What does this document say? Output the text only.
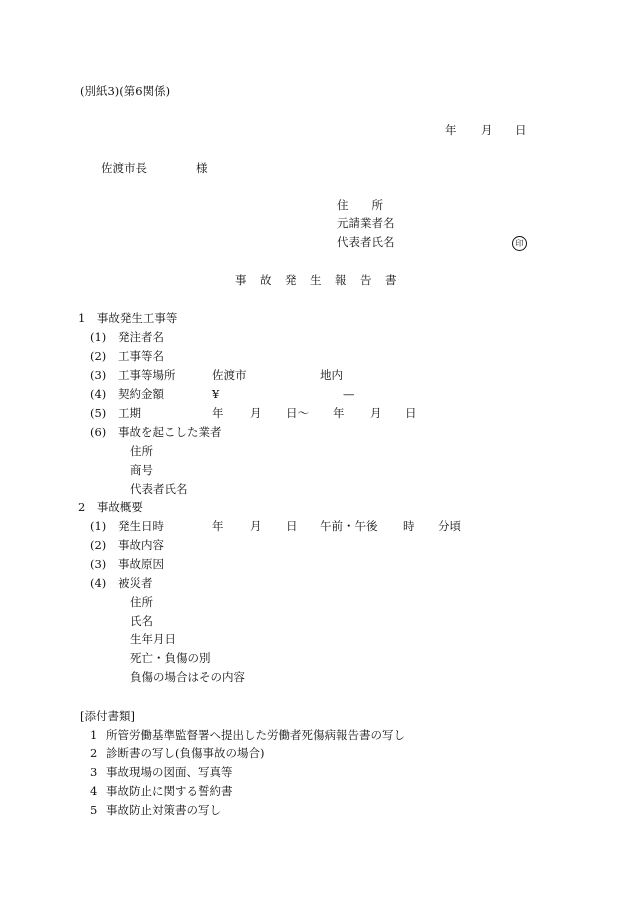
(別紙3)(第6関係)
年 月 日
佐渡市長	様
住　　所
元請業者名
代表者氏名	印
事　故　発　生　報　告　書
1　事故発生工事等
(1) 発注者名
(2) 工事等名
(3) 工事等場所	佐渡市	地内
(4) 契約金額	¥	—
(5) 工期	年 月 日〜 年 月 日
(6) 事故を起こした業者
住所
商号
代表者氏名
2　事故概要
(1) 発生日時	年 月 日 午前・午後 時 分頃
(2) 事故内容
(3) 事故原因
(4) 被災者
住所
氏名
生年月日
死亡・負傷の別
負傷の場合はその内容
[添付書類]
1 所管労働基準監督署へ提出した労働者死傷病報告書の写し
2 診断書の写し(負傷事故の場合)
3 事故現場の図面、写真等
4 事故防止に関する誓約書
5 事故防止対策書の写し
